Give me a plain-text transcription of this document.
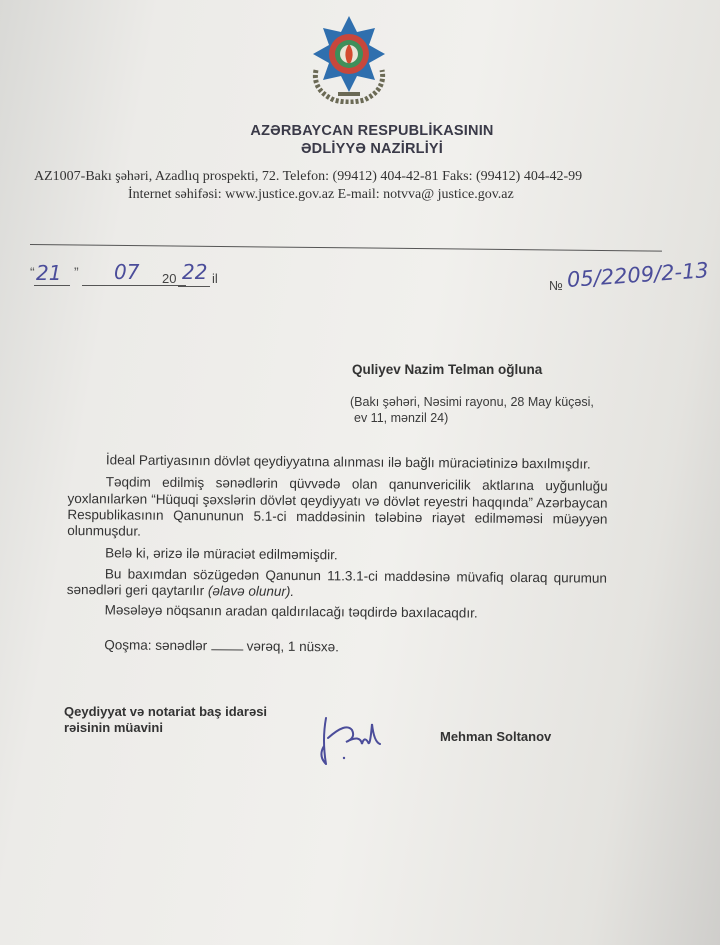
AZƏRBAYCAN RESPUBLİKASININ
ƏDLİYYƏ NAZİRLİYİ
AZ1007-Bakı şəhəri, Azadlıq prospekti, 72. Telefon: (99412) 404-42-81 Faks: (99412) 404-42-99
İnternet səhifəsi: www.justice.gov.az E-mail: notvva@ justice.gov.az
“ 21 ” 07 20 22 il	№ 05/2209/2-13
Quliyev Nazim Telman oğluna
(Bakı şəhəri, Nəsimi rayonu, 28 May küçəsi,
ev 11, mənzil 24)

İdeal Partiyasının dövlət qeydiyyatına alınması ilə bağlı müraciətinizə baxılmışdır.

Təqdim edilmiş sənədlərin qüvvədə olan qanunvericilik aktlarına uyğunluğu yoxlanılarkən “Hüquqi şəxslərin dövlət qeydiyyatı və dövlət reyestri haqqında” Azərbaycan Respublikasının Qanununun 5.1-ci maddəsinin tələbinə riayət edilməməsi müəyyən olunmuşdur.

Belə ki, ərizə ilə müraciət edilməmişdir.

Bu baxımdan sözügedən Qanunun 11.3.1-ci maddəsinə müvafiq olaraq qurumun sənədləri geri qaytarılır (əlavə olunur).

Məsələyə nöqsanın aradan qaldırılacağı təqdirdə baxılacaqdır.

Qoşma: sənədlər	vərəq, 1 nüsxə.

Qeydiyyat və notariat baş idarəsi
rəisinin müavini
Mehman Soltanov
